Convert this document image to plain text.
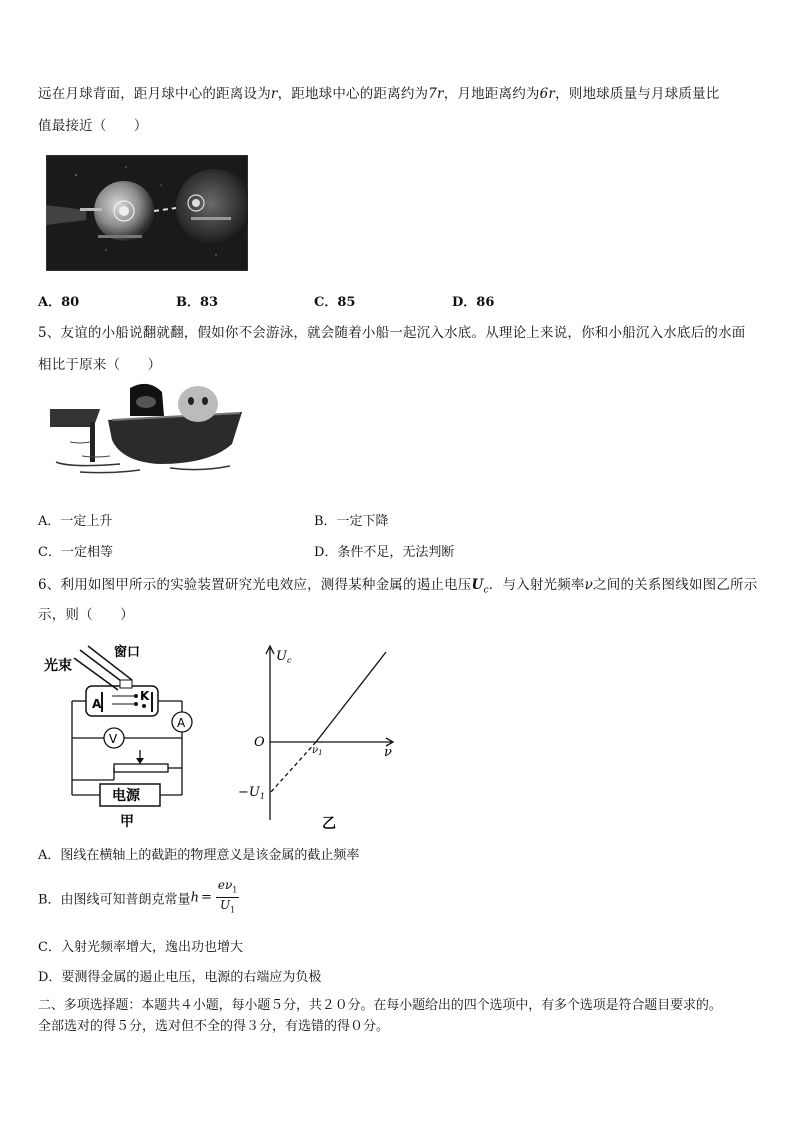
远在月球背面，距月球中心的距离设为r，距地球中心的距离约为7r，月地距离约为6r，则地球质量与月球质量比
值最接近（　　）
A．80	B．83	C．85	D．86
5、友谊的小船说翻就翻，假如你不会游泳，就会随着小船一起沉入水底。从理论上来说，你和小船沉入水底后的水面
相比于原来（　　）
A．一定上升	B．一定下降
C．一定相等	D．条件不足，无法判断
6、利用如图甲所示的实验装置研究光电效应，测得某种金属的遏止电压$U_c$．与入射光频率ν之间的关系图线如图乙所示
示，则（　　）
光束
窗口
A
K
A
V
电源
甲
$U_c$
ν
O
$\nu_1$
$-U_1$
乙
A．图线在横轴上的截距的物理意义是该金属的截止频率
B．由图线可知普朗克常量$h = \frac{e\nu_1}{U_1}$
C．入射光频率增大，逸出功也增大
D．要测得金属的遏止电压，电源的右端应为负极
二、多项选择题：本题共４小题，每小题５分，共２０分。在每小题给出的四个选项中，有多个选项是符合题目要求的。
全部选对的得５分，选对但不全的得３分，有选错的得０分。
